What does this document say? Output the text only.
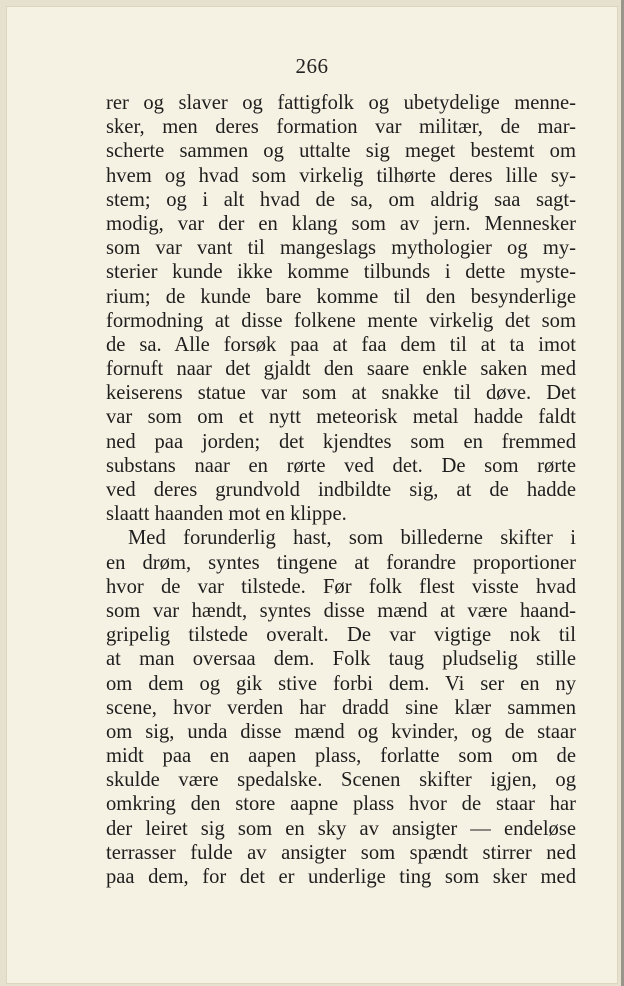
266
rer og slaver og fattigfolk og ubetydelige menne-
sker, men deres formation var militær, de mar-
scherte sammen og uttalte sig meget bestemt om
hvem og hvad som virkelig tilhørte deres lille sy-
stem; og i alt hvad de sa, om aldrig saa sagt-
modig, var der en klang som av jern. Mennesker
som var vant til mangeslags mythologier og my-
sterier kunde ikke komme tilbunds i dette myste-
rium; de kunde bare komme til den besynderlige
formodning at disse folkene mente virkelig det som
de sa. Alle forsøk paa at faa dem til at ta imot
fornuft naar det gjaldt den saare enkle saken med
keiserens statue var som at snakke til døve. Det
var som om et nytt meteorisk metal hadde faldt
ned paa jorden; det kjendtes som en fremmed
substans naar en rørte ved det. De som rørte
ved deres grundvold indbildte sig, at de hadde
slaatt haanden mot en klippe.
Med forunderlig hast, som billederne skifter i
en drøm, syntes tingene at forandre proportioner
hvor de var tilstede. Før folk flest visste hvad
som var hændt, syntes disse mænd at være haand-
gripelig tilstede overalt. De var vigtige nok til
at man oversaa dem. Folk taug pludselig stille
om dem og gik stive forbi dem. Vi ser en ny
scene, hvor verden har dradd sine klær sammen
om sig, unda disse mænd og kvinder, og de staar
midt paa en aapen plass, forlatte som om de
skulde være spedalske. Scenen skifter igjen, og
omkring den store aapne plass hvor de staar har
der leiret sig som en sky av ansigter — endeløse
terrasser fulde av ansigter som spændt stirrer ned
paa dem, for det er underlige ting som sker med
